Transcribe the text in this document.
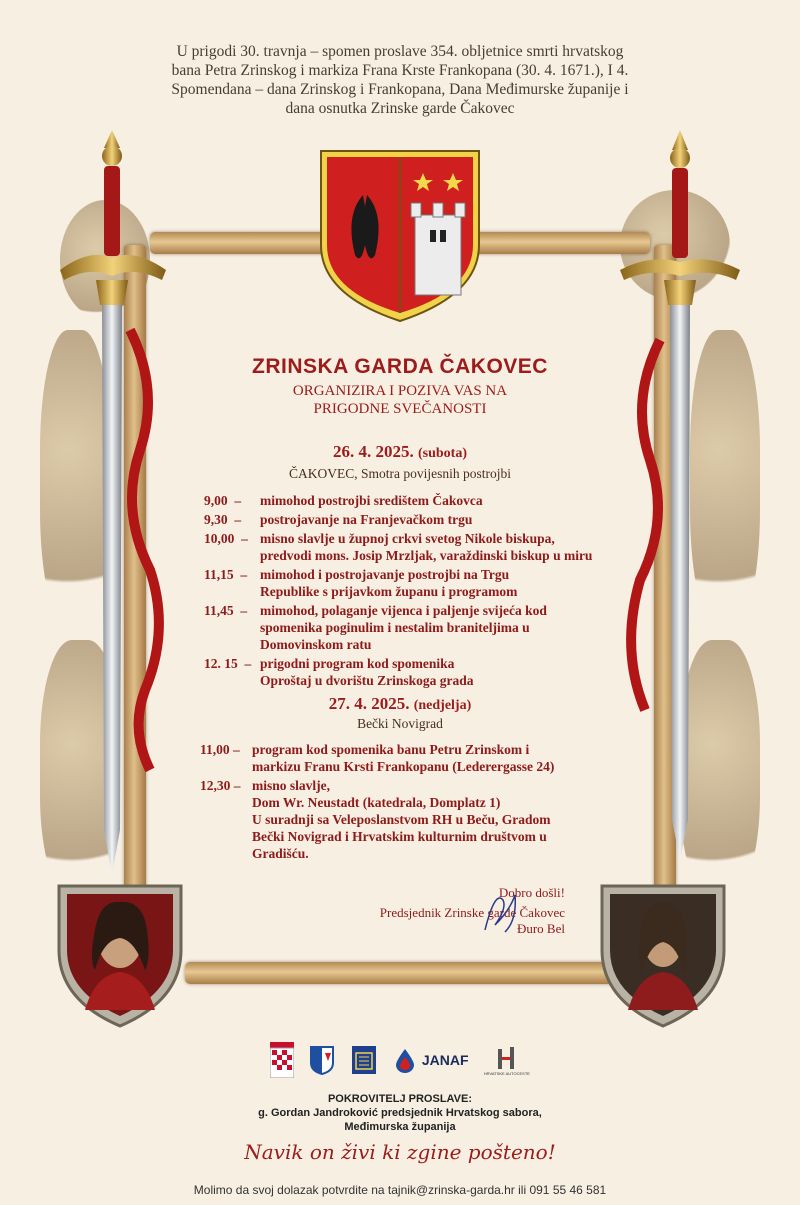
U prigodi 30. travnja – spomen proslave 354. obljetnice smrti hrvatskog
bana Petra Zrinskog i markiza Frana Krste Frankopana (30. 4. 1671.), I 4.
Spomendana – dana Zrinskog i Frankopana, Dana Međimurske županije i
dana osnutka Zrinske garde Čakovec
ZRINSKA GARDA ČAKOVEC
ORGANIZIRA I POZIVA VAS NA
PRIGODNE SVEČANOSTI
26. 4. 2025. (subota)
ČAKOVEC, Smotra povijesnih postrojbi
9,00  –	mimohod postrojbi središtem Čakovca
9,30  –	postrojavanje na Franjevačkom trgu
10,00  – misno slavlje u župnoj crkvi svetog Nikole biskupa,
predvodi mons. Josip Mrzljak, varaždinski biskup u miru
11,15  – mimohod i postrojavanje postrojbi na Trgu
Republike s prijavkom županu i programom
11,45  – mimohod, polaganje vijenca i paljenje svijeća kod
spomenika poginulim i nestalim braniteljima u
Domovinskom ratu
12. 15  – prigodni program kod spomenika
Oproštaj u dvorištu Zrinskoga grada
27. 4. 2025. (nedjelja)
Bečki Novigrad
11,00 – program kod spomenika banu Petru Zrinskom i
markizu Franu Krsti Frankopanu (Lederergasse 24)
12,30 – misno slavlje,
Dom Wr. Neustadt (katedrala, Domplatz 1)
U suradnji sa Veleposlanstvom RH u Beču, Gradom
Bečki Novigrad i Hrvatskim kulturnim društvom u
Gradišću.
Dobro došli!
Predsjednik Zrinske garde Čakovec
Đuro Bel
JANAF
HRVATSKE AUTOCESTE
POKROVITELJ PROSLAVE:
g. Gordan Jandroković predsjednik Hrvatskog sabora,
Međimurska županija
Navik on živi ki zgine pošteno!
Molimo da svoj dolazak potvrdite na tajnik@zrinska-garda.hr ili 091 55 46 581
